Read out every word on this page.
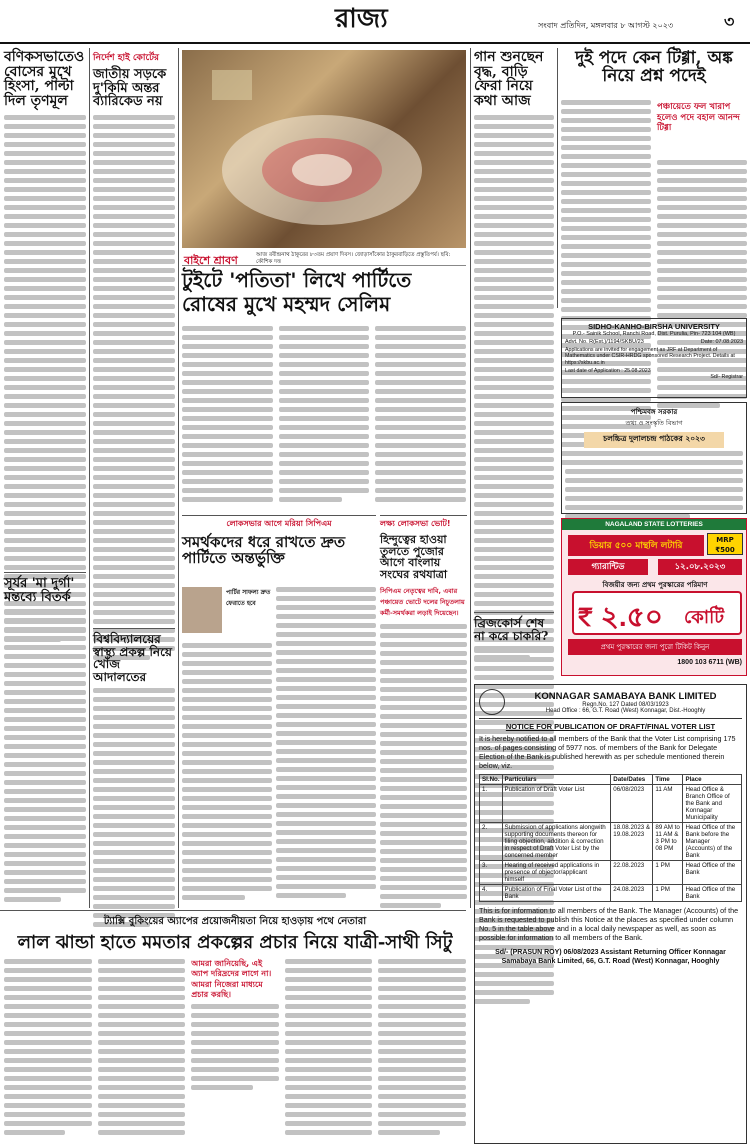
রাজ্য	সংবাদ প্রতিদিন, মঙ্গলবার ৮ আগস্ট ২০২৩	৩
বণিকসভাতেও বোসের মুখে হিংসা, পাল্টা দিল তৃণমূল
সূর্যর 'মা দুর্গা' মন্তব্যে বিতর্ক
নির্দেশ হাই কোর্টের
জাতীয় সড়কে দু'কিমি অন্তর ব্যারিকেড নয়
বিশ্ববিদ্যালয়ের স্বাস্থ্য প্রকল্প নিয়ে খোঁজ আদালতের
বাইশে শ্রাবণ	আজ রবীন্দ্রনাথ ঠাকুরের ৮৩তম প্রয়াণ দিবস। জোড়াসাঁকোর ঠাকুরবাড়িতে প্রস্তুতিপর্ব। ছবি: কৌশিক দত্ত
টুইটে 'পতিতা' লিখে পার্টিতে
রোষের মুখে মহম্মদ সেলিম
লোকসভার আগে মরিয়া সিপিএম
সমর্থকদের ধরে রাখতে দ্রুত পার্টিতে অন্তর্ভুক্তি
পার্টির সাফল্য দ্রুত ফেরাতে হবে
লক্ষ্য লোকসভা ভোট!
হিন্দুত্বের হাওয়া তুলতে পুজোর আগে বাংলায় সংঘের রথযাত্রা
সিপিএম নেতৃত্বের দাবি, এবার পঞ্চায়েত ভোটে দলের নিচুতলায় কর্মী-সমর্থকরা লড়াই দিয়েছেন।
গান শুনছেন বৃদ্ধ, বাড়ি ফেরা নিয়ে কথা আজ
ব্রিজকোর্স শেষ না করে চাকরি?
দুই পদে কেন টিগ্গা, অঙ্ক নিয়ে প্রশ্ন পদেই
পঞ্চায়েতে ফল খারাপ হলেও পদে বহাল আনন্দ টিগ্গা
SIDHO-KANHO-BIRSHA UNIVERSITY
P.O.- Sainik School, Ranchi Road, Dist. Purulia, Pin- 723 104 (WB)
Advt. No. R(Est.)/1194/SKBU/23	Date: 07.08.2023
Applications are invited for engagement as JRF at Department of Mathematics under CSIR-HRDG sponsored Research Project. Details at https://skbu.ac.in
Last date of Application : 25.08.2023
Sd/- Registrar
পশ্চিমবঙ্গ সরকার
তথ্য ও সংস্কৃতি বিভাগ
চলচ্চিত্র দুলালচন্দ্র পাঠকের ২০২৩
NAGALAND STATE LOTTERIES
MRP ₹500
ডিয়ার ৫০০ মান্থলি লটারি
গ্যারান্টিড	১২.০৮.২০২৩
বিজয়ীর জন্য প্রথম পুরস্কারের পরিমাণ
₹ ২.৫০ কোটি
প্রথম পুরস্কারের জন্য পুরো টিকিট কিনুন
1800 103 6711 (WB)
KONNAGAR SAMABAYA BANK LIMITED
Regn.No. 127 Dated 08/03/1923
Head Office : 66, G.T. Road (West) Konnagar, Dist.-Hooghly
NOTICE FOR PUBLICATION OF DRAFT/FINAL VOTER LIST
It is hereby notified to all members of the Bank that the Voter List comprising 175 nos. of pages consisting of 5977 nos. of members of the Bank for Delegate Election of the Bank is published herewith as per schedule mentioned therein below, viz.
Sl.No.	Particulars	Date/Dates	Time	Place
1.	Publication of Draft Voter List	06/08/2023	11 AM	Head Office & Branch Office of the Bank and Konnagar Municipality
2.	Submission of applications alongwith supporting documents thereon for filing objection, addition & correction in respect of Draft Voter List by the concerned member	18.08.2023 & 19.08.2023	89 AM to 11 AM & 3 PM to 08 PM	Head Office of the Bank before the Manager (Accounts) of the Bank
3.	Hearing of received applications in presence of objector/applicant himself	22.08.2023	1 PM	Head Office of the Bank
4.	Publication of Final Voter List of the Bank	24.08.2023	1 PM	Head Office of the Bank
This is for information to all members of the Bank. The Manager (Accounts) of the Bank is requested to publish this Notice at the places as specified under column No. 5 in the table above and in a local daily newspaper as well, as soon as possible for information to all members of the Bank.
Sd/- (PRASUN ROY) 06/08/2023 Assistant Returning Officer Konnagar Samabaya Bank Limited, 66, G.T. Road (West) Konnagar, Hooghly
ট্যাক্সি বুকিংয়ের অ্যাপের প্রয়োজনীয়তা নিয়ে হাওড়ায় পথে নেতারা
লাল ঝান্ডা হাতে মমতার প্রকল্পের প্রচার নিয়ে যাত্রী-সাথী সিটু
আমরা জানিয়েছি, এই অ্যাপ দরিদ্রদের লাগে না। আমরা নিজেরা মাধ্যমে প্রচার করছি।
